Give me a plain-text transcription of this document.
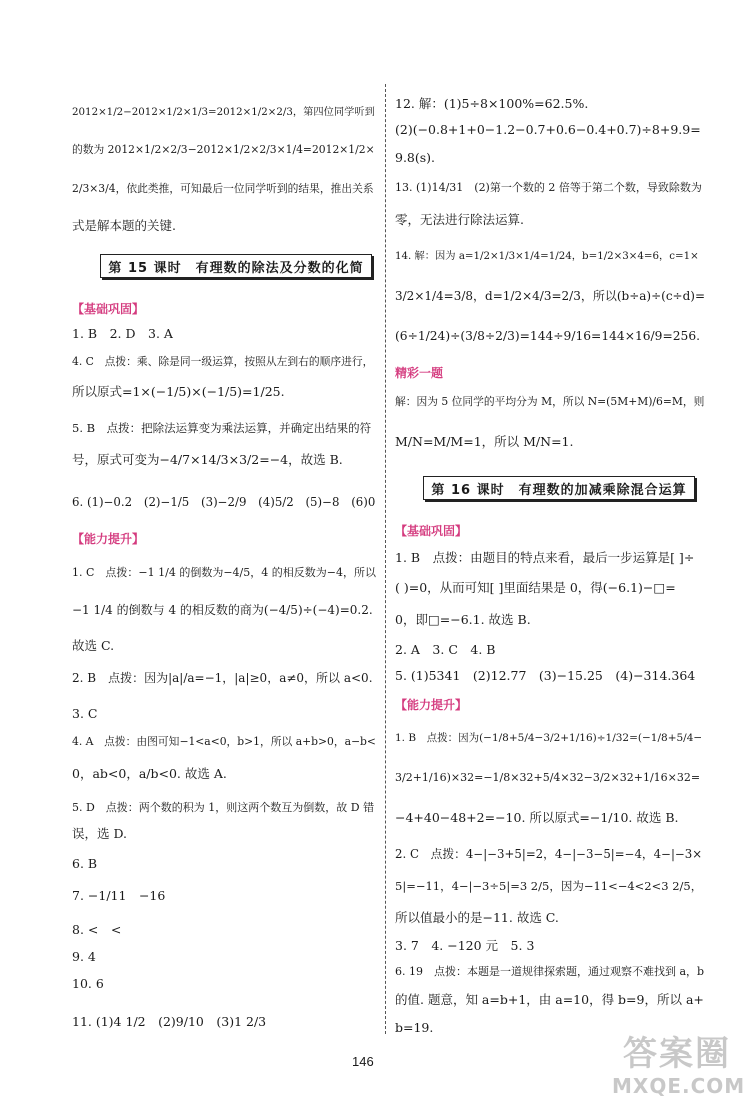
2012×1/2−2012×1/2×1/3=2012×1/2×2/3，第四位同学听到
的数为 2012×1/2×2/3−2012×1/2×2/3×1/4=2012×1/2×
2/3×3/4，依此类推，可知最后一位同学听到的结果，推出关系
式是解本题的关键.
第 15 课时　有理数的除法及分数的化简
【基础巩固】
1. B　2. D　3. A
4. C　点拨：乘、除是同一级运算，按照从左到右的顺序进行，
所以原式=1×(−1/5)×(−1/5)=1/25.
5. B　点拨：把除法运算变为乘法运算，并确定出结果的符
号，原式可变为−4/7×14/3×3/2=−4，故选 B.
6. (1)−0.2　(2)−1/5　(3)−2/9　(4)5/2　(5)−8　(6)0
【能力提升】
1. C　点拨：−1 1/4 的倒数为−4/5，4 的相反数为−4，所以
−1 1/4 的倒数与 4 的相反数的商为(−4/5)÷(−4)=0.2.
故选 C.
2. B　点拨：因为|a|/a=−1，|a|≥0，a≠0，所以 a<0.
3. C
4. A　点拨：由图可知−1<a<0，b>1，所以 a+b>0，a−b<
0，ab<0，a/b<0. 故选 A.
5. D　点拨：两个数的积为 1，则这两个数互为倒数，故 D 错
误，选 D.
6. B
7. −1/11　−16
8. <　<
9. 4
10. 6
11. (1)4 1/2　(2)9/10　(3)1 2/3
12. 解：(1)5÷8×100%=62.5%.
(2)(−0.8+1+0−1.2−0.7+0.6−0.4+0.7)÷8+9.9=
9.8(s).
13. (1)14/31　(2)第一个数的 2 倍等于第二个数，导致除数为
零，无法进行除法运算.
14. 解：因为 a=1/2×1/3×1/4=1/24，b=1/2×3×4=6，c=1×
3/2×1/4=3/8，d=1/2×4/3=2/3，所以(b÷a)÷(c÷d)=
(6÷1/24)÷(3/8÷2/3)=144÷9/16=144×16/9=256.
精彩一题
解：因为 5 位同学的平均分为 M，所以 N=(5M+M)/6=M，则
M/N=M/M=1，所以 M/N=1.
第 16 课时　有理数的加减乘除混合运算
【基础巩固】
1. B　点拨：由题目的特点来看，最后一步运算是[ ]÷
( )=0，从而可知[ ]里面结果是 0，得(−6.1)−□=
0，即□=−6.1. 故选 B.
2. A　3. C　4. B
5. (1)5341　(2)12.77　(3)−15.25　(4)−314.364
【能力提升】
1. B　点拨：因为(−1/8+5/4−3/2+1/16)÷1/32=(−1/8+5/4−
3/2+1/16)×32=−1/8×32+5/4×32−3/2×32+1/16×32=
−4+40−48+2=−10. 所以原式=−1/10. 故选 B.
2. C　点拨：4−|−3+5|=2，4−|−3−5|=−4，4−|−3×
5|=−11，4−|−3÷5|=3 2/5，因为−11<−4<2<3 2/5，
所以值最小的是−11. 故选 C.
3. 7　4. −120 元　5. 3
6. 19　点拨：本题是一道规律探索题，通过观察不难找到 a，b
的值. 题意，知 a=b+1，由 a=10，得 b=9，所以 a+
b=19.
146	答案圈
MXQE.COM
